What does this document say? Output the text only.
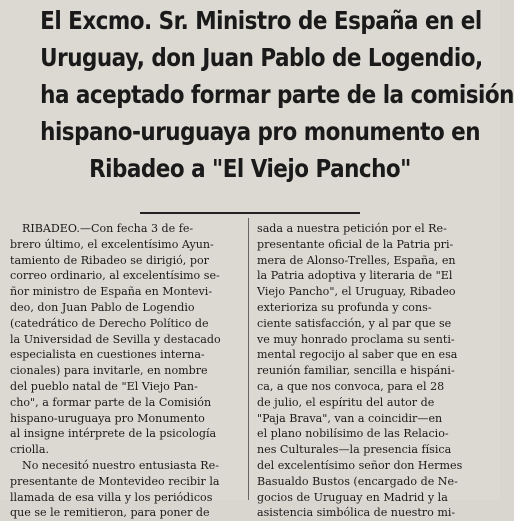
El Excmo. Sr. Ministro de España en el
Uruguay, don Juan Pablo de Logendio,
ha aceptado formar parte de la comisión
hispano-uruguaya pro monumento en
Ribadeo a "El Viejo Pancho"
RIBADEO.—Con fecha 3 de fe-
brero último, el excelentísimo Ayun-
tamiento de Ribadeo se dirigió, por
correo ordinario, al excelentísimo se-
ñor ministro de España en Montevi-
deo, don Juan Pablo de Logendio
(catedrático de Derecho Político de
la Universidad de Sevilla y destacado
especialista en cuestiones interna-
cionales) para invitarle, en nombre
del pueblo natal de "El Viejo Pan-
cho", a formar parte de la Comisión
hispano-uruguaya pro Monumento
al insigne intérprete de la psicología
criolla.
No necesitó nuestro entusiasta Re-
presentante de Montevideo recibir la
llamada de esa villa y los periódicos
que se le remitieron, para poner de
sada a nuestra petición por el Re-
presentante oficial de la Patria pri-
mera de Alonso-Trelles, España, en
la Patria adoptiva y literaria de "El
Viejo Pancho", el Uruguay, Ribadeo
exterioriza su profunda y cons-
ciente satisfacción, y al par que se
ve muy honrado proclama su senti-
mental regocijo al saber que en esa
reunión familiar, sencilla e hispáni-
ca, a que nos convoca, para el 28
de julio, el espíritu del autor de
"Paja Brava", van a coincidir—en
el plano nobilísimo de las Relacio-
nes Culturales—la presencia física
del excelentísimo señor don Hermes
Basualdo Bustos (encargado de Ne-
gocios de Uruguay en Madrid y la
asistencia simbólica de nuestro mi-
